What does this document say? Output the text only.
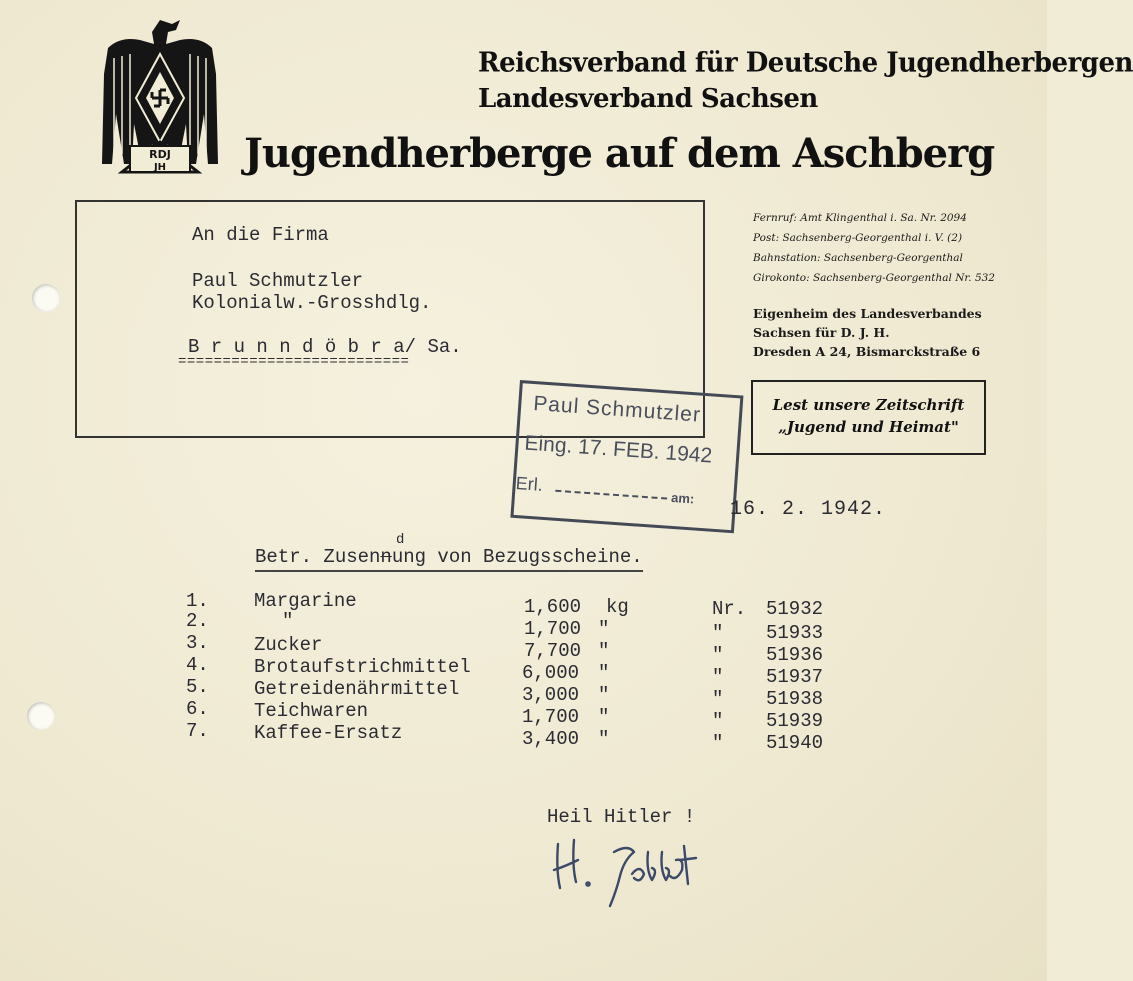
RDJ
JH
Reichsverband für Deutsche Jugendherbergen
Landesverband Sachsen
Jugendherberge auf dem Aschberg
An die Firma
Paul Schmutzler
Kolonialw.-Grosshdlg.
B r u n n d ö b r a/ Sa.
==========================
Fernruf: Amt Klingenthal i. Sa. Nr. 2094
Post: Sachsenberg-Georgenthal i. V. (2)
Bahnstation: Sachsenberg-Georgenthal
Girokonto: Sachsenberg-Georgenthal Nr. 532
Eigenheim des Landesverbandes
Sachsen für D. J. H.
Dresden A 24, Bismarckstraße 6
Lest unsere Zeitschrift
„Jugend und Heimat"
Paul Schmutzler
Eing. 17. FEB. 1942
Erl.
am: 16. 2. 1942.
Betr. Zusennung von Bezugsscheine.
d
1. Margarine	1,600 kg	Nr. 51932
2.	"	1,700 "	" 51933
3. Zucker	7,700 "	" 51936
4. Brotaufstrichmittel	6,000 "	" 51937
5. Getreidenährmittel	3,000 "	" 51938
6. Teichwaren	1,700 "	" 51939
7. Kaffee-Ersatz	3,400 "	" 51940
Heil Hitler !
